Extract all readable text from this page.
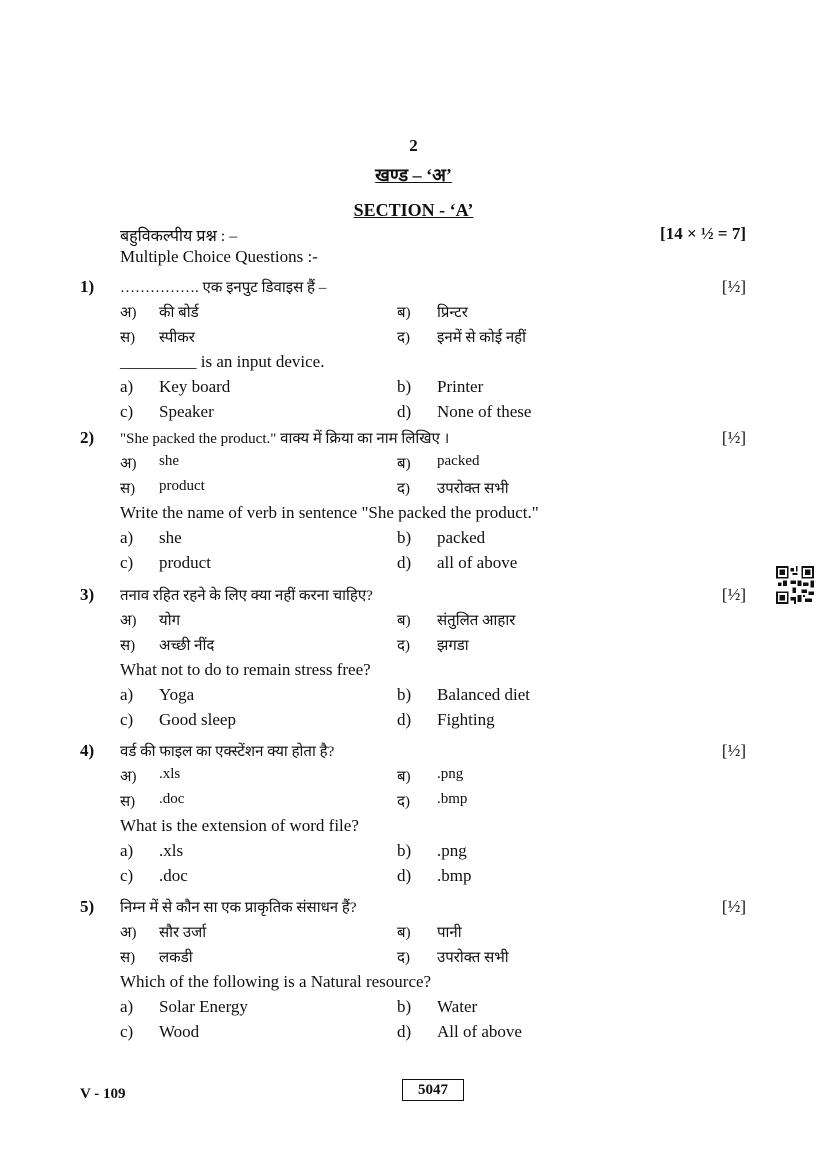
2
खण्ड – ‘अ’
SECTION - ‘A’
बहुविकल्पीय प्रश्न : –	[14 × ½ = 7]
Multiple Choice Questions :-
1) ……………. एक इनपुट डिवाइस हैं –	[½]
अ) की बोर्ड	ब) प्रिन्टर
स) स्पीकर	द) इनमें से कोई नहीं
_________ is an input device.
a) Key board	b) Printer
c) Speaker	d) None of these
2) "She packed the product." वाक्य में क्रिया का नाम लिखिए ।	[½]
अ) she	ब) packed
स) product	द) उपरोक्त सभी
Write the name of verb in sentence "She packed the product."
a) she	b) packed
c) product	d) all of above
3) तनाव रहित रहने के लिए क्या नहीं करना चाहिए?	[½]
अ) योग	ब) संतुलित आहार
स) अच्छी नींद	द) झगडा
What not to do to remain stress free?
a) Yoga	b) Balanced diet
c) Good sleep	d) Fighting
4) वर्ड की फाइल का एक्स्टेंशन क्या होता है?	[½]
अ) .xls	ब) .png
स) .doc	द) .bmp
What is the extension of word file?
a) .xls	b) .png
c) .doc	d) .bmp
5) निम्न में से कौन सा एक प्राकृतिक संसाधन हैं?	[½]
अ) सौर उर्जा	ब) पानी
स) लकडी	द) उपरोक्त सभी
Which of the following is a Natural resource?
a) Solar Energy	b) Water
c) Wood	d) All of above
V - 109	5047
